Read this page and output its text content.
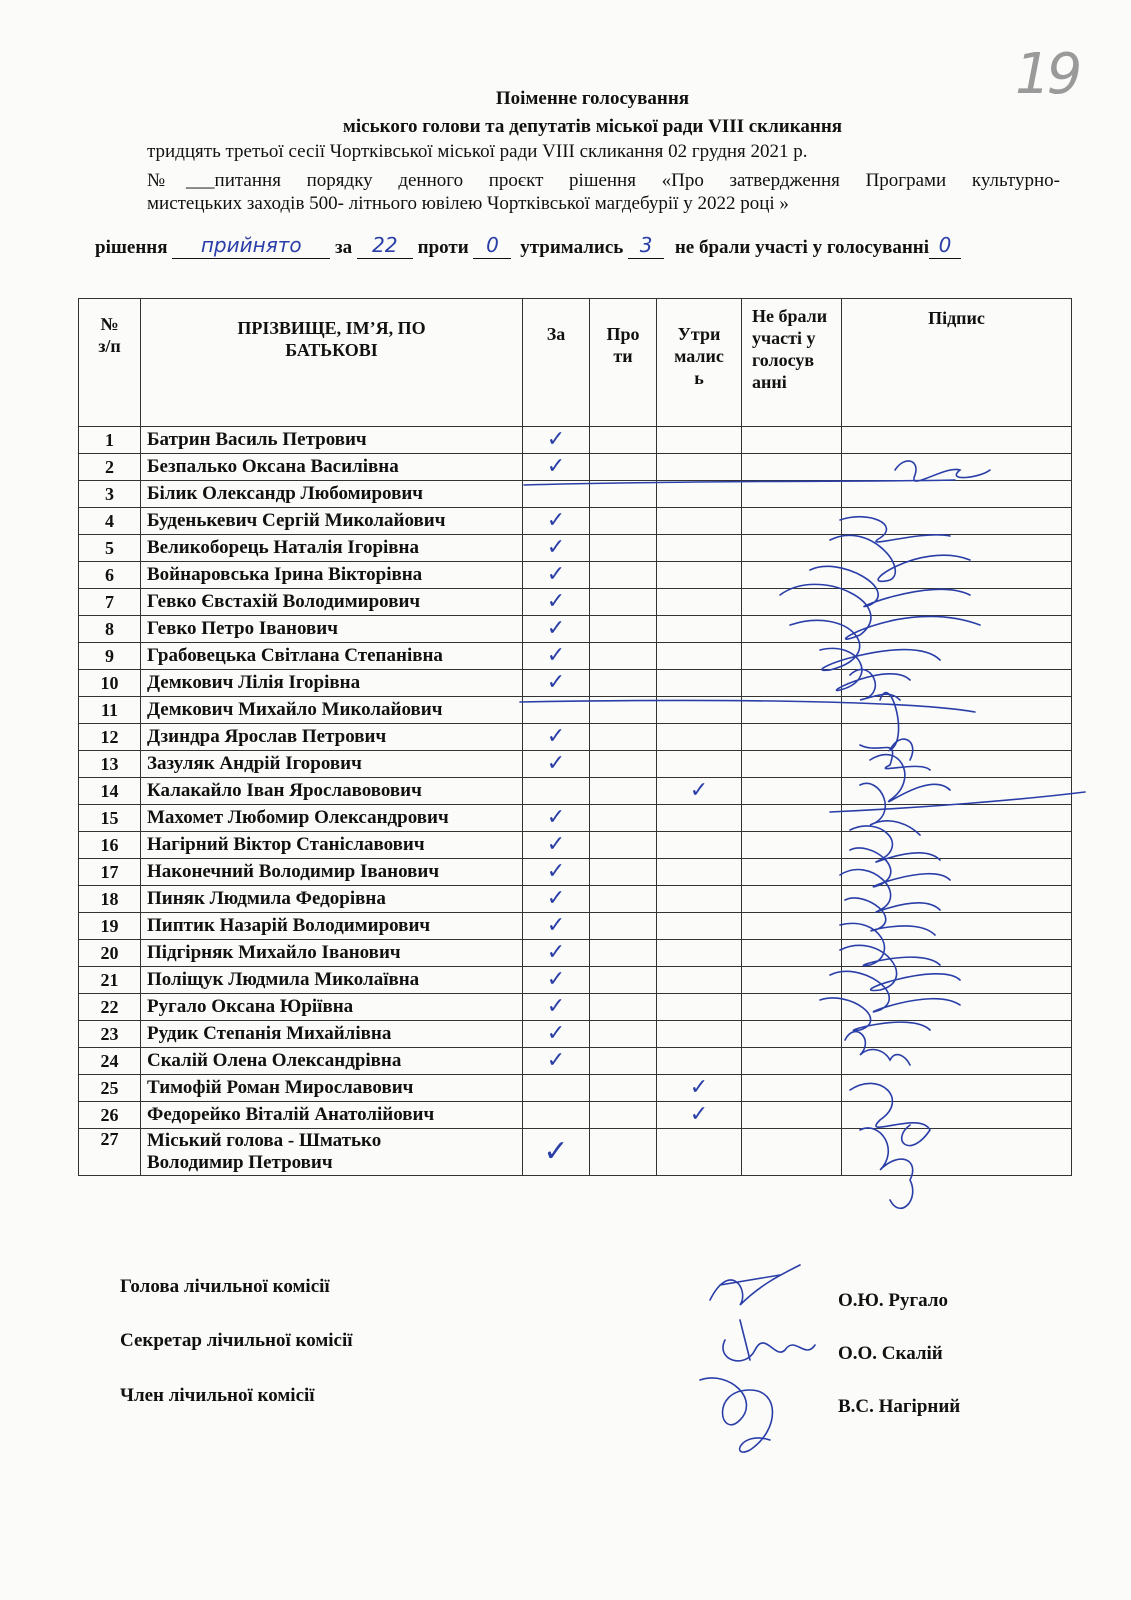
19
Поіменне голосування
міського голови та депутатів міської ради VIII скликання
тридцять третьої сесії Чортківської міської ради VIII скликання 02 грудня 2021 р.
№___питання порядку денного проєкт рішення «Про затвердження Програми культурно-
мистецьких заходів 500- літнього ювілею Чортківської магдебурії у 2022 році »
рішення прийнято за 22 проти 0 утримались 3 не брали участі у голосуванні 0
№ з/п	ПРІЗВИЩЕ, ІМ’Я, ПО БАТЬКОВІ	За	Про ти	Утри малис ь	Не брали участі у голосув анні	Підпис
1	Батрин Василь Петрович	✓				
2	Безпалько Оксана Василівна	✓				
3	Білик Олександр Любомирович					
4	Буденькевич Сергій Миколайович	✓				
5	Великоборець Наталія Ігорівна	✓				
6	Войнаровська Ірина Вікторівна	✓				
7	Гевко Євстахій Володимирович	✓				
8	Гевко Петро Іванович	✓				
9	Грабовецька Світлана Степанівна	✓				
10	Демкович Лілія Ігорівна	✓				
11	Демкович Михайло Миколайович					
12	Дзиндра Ярослав Петрович	✓				
13	Зазуляк Андрій Ігорович	✓				
14	Калакайло Іван Ярославовович			✓		
15	Махомет Любомир Олександрович	✓				
16	Нагірний Віктор Станіславович	✓				
17	Наконечний Володимир Іванович	✓				
18	Пиняк Людмила Федорівна	✓				
19	Пиптик Назарій Володимирович	✓				
20	Підгірняк Михайло Іванович	✓				
21	Поліщук Людмила Миколаївна	✓				
22	Ругало Оксана Юріївна	✓				
23	Рудик Степанія Михайлівна	✓				
24	Скалій Олена Олександрівна	✓				
25	Тимофій Роман Мирославович			✓		
26	Федорейко Віталій Анатолійович			✓		
27	Міський голова - Шматько
Володимир Петрович	✓				
Голова лічильної комісії
Секретар лічильної комісії
Член лічильної комісії
О.Ю. Ругало
О.О. Скалій
В.С. Нагірний
